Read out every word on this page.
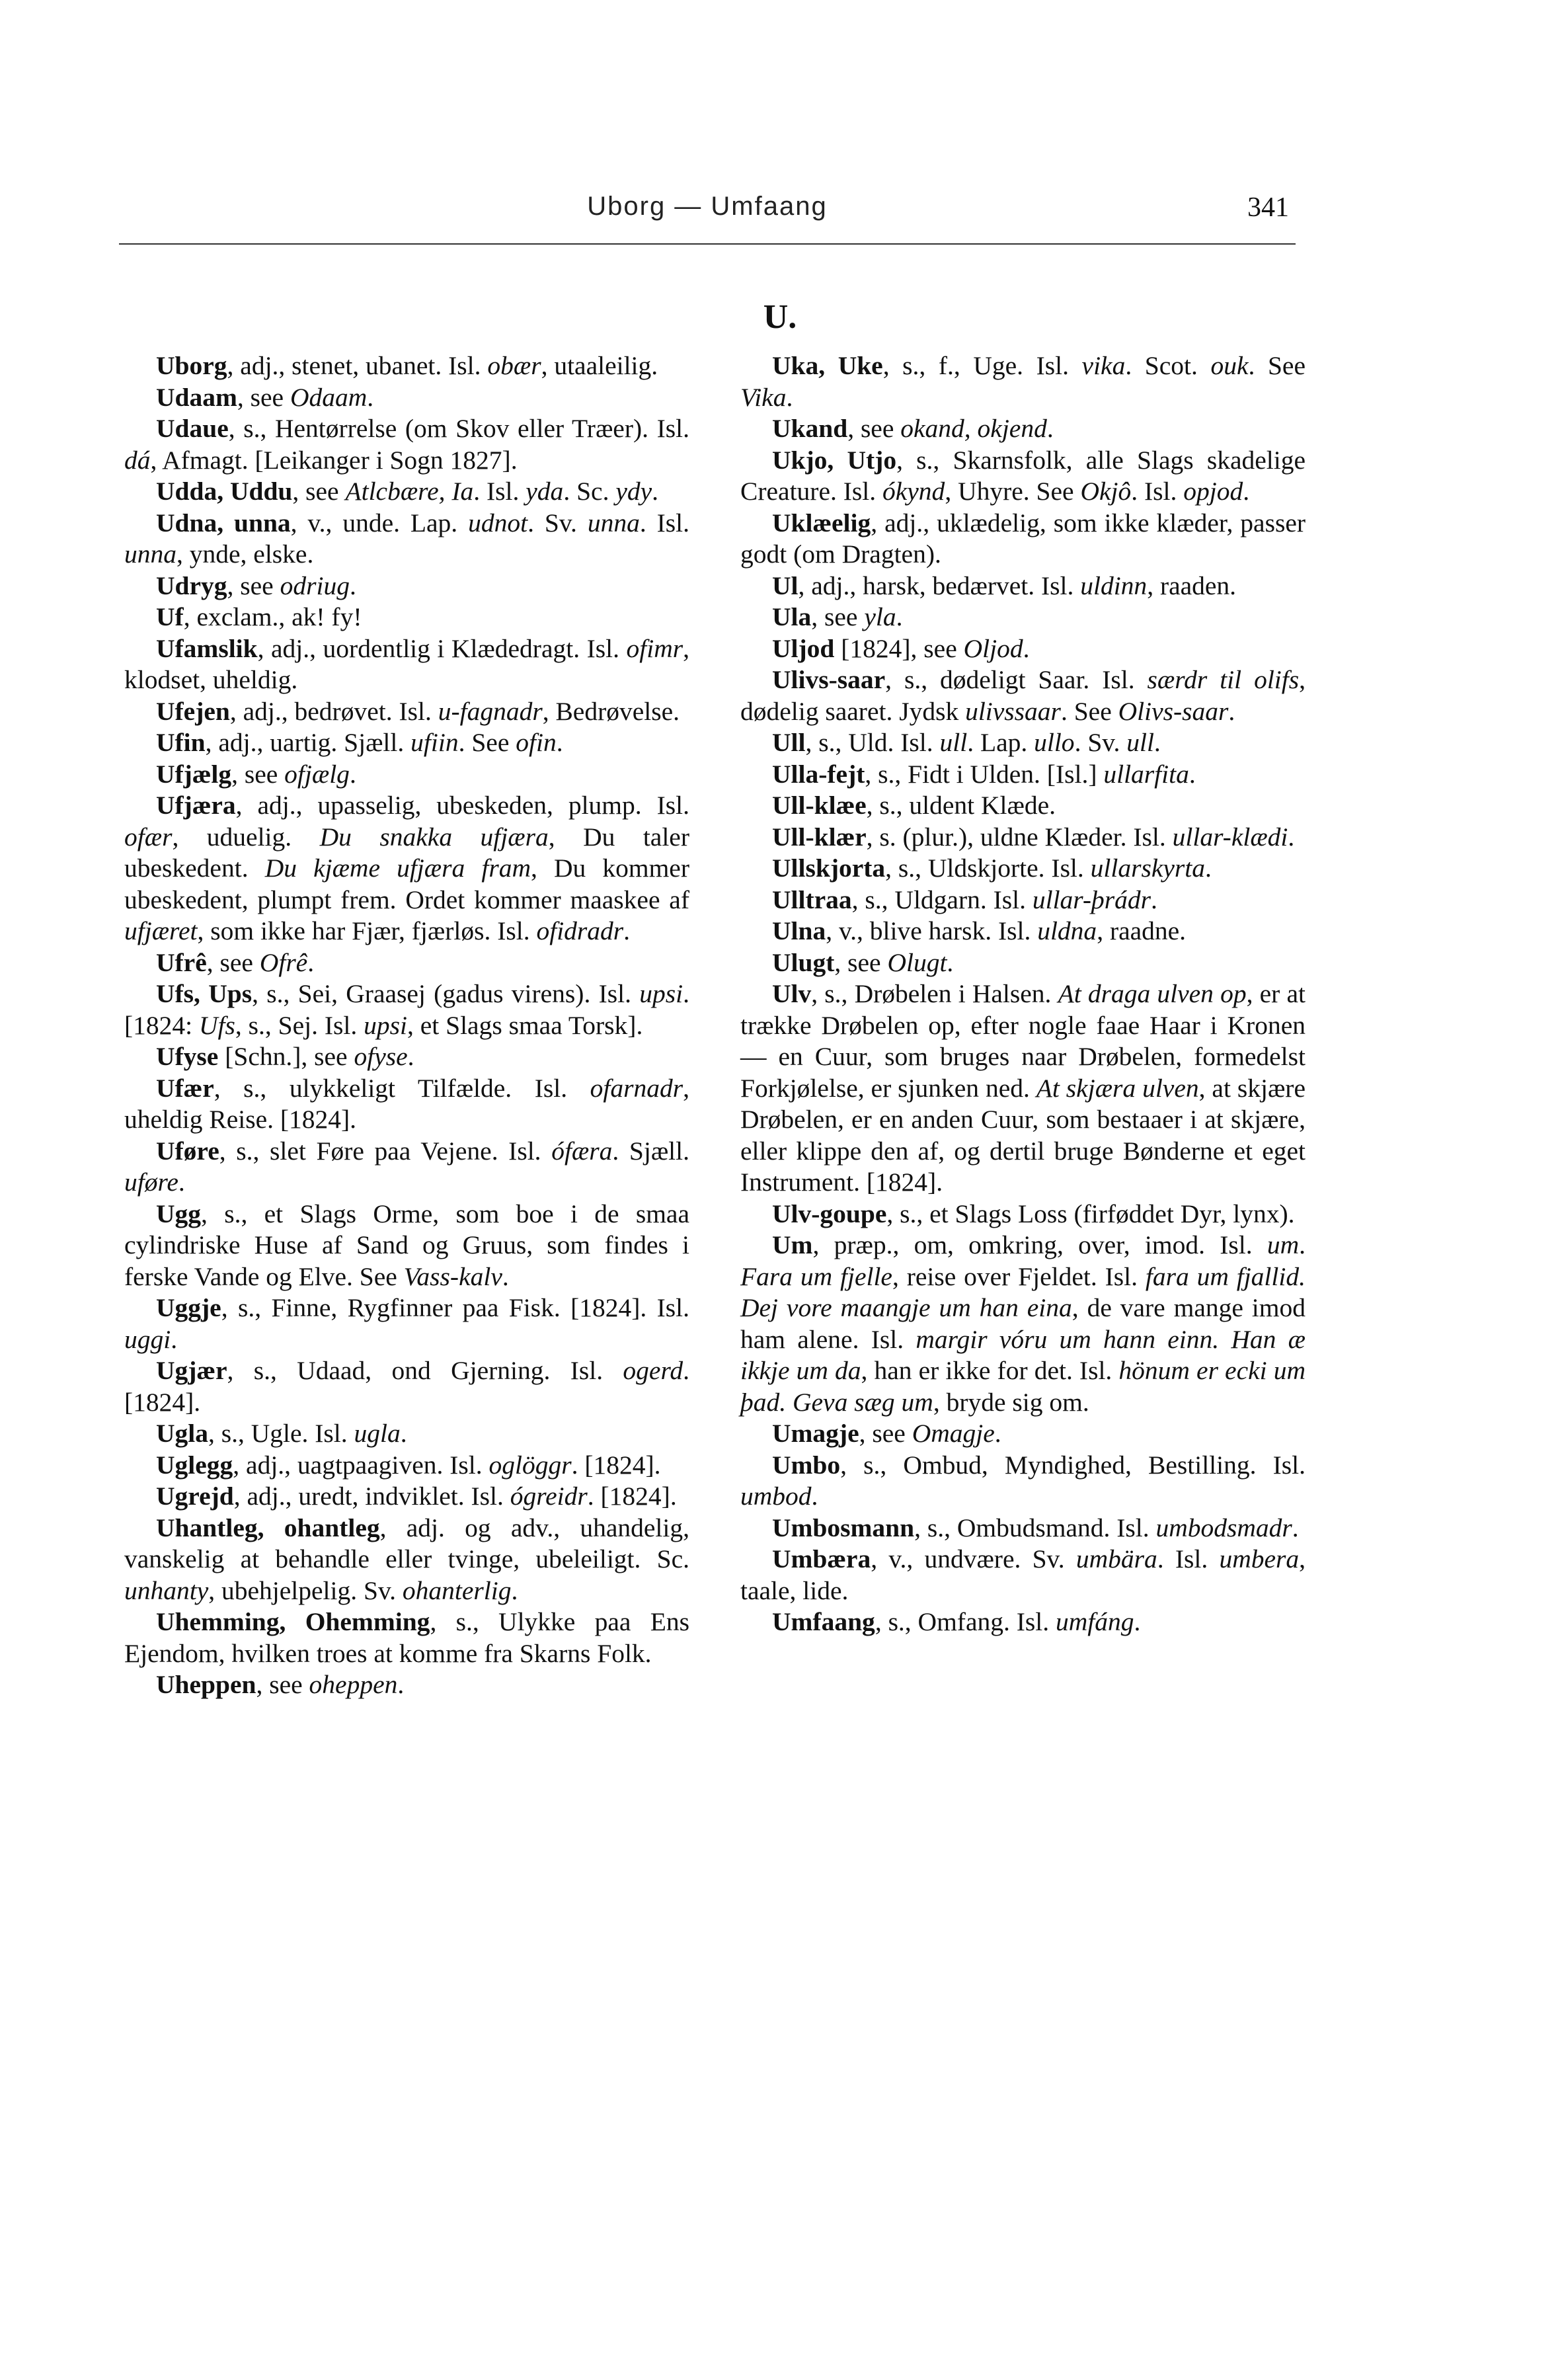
Uborg — Umfaang	341
U.

Uborg, adj., stenet, ubanet. Isl. obær, utaaleilig.

Udaam, see Odaam.

Udaue, s., Hentørrelse (om Skov eller Træer). Isl. dá, Afmagt. [Leikanger i Sogn 1827].

Udda, Uddu, see Atlcbære, Ia. Isl. yda. Sc. ydy.

Udna, unna, v., unde. Lap. udnot. Sv. unna. Isl. unna, ynde, elske.

Udryg, see odriug.

Uf, exclam., ak! fy!

Ufamslik, adj., uordentlig i Klædedragt. Isl. ofimr, klodset, uheldig.

Ufejen, adj., bedrøvet. Isl. u-fagnadr, Bedrøvelse.

Ufin, adj., uartig. Sjæll. ufiin. See ofin.

Ufjælg, see ofjælg.

Ufjæra, adj., upasselig, ubeskeden, plump. Isl. ofær, uduelig. Du snakka ufjæra, Du taler ubeskedent. Du kjæme ufjæra fram, Du kommer ubeskedent, plumpt frem. Ordet kommer maaskee af ufjæret, som ikke har Fjær, fjærløs. Isl. ofidradr.

Ufrê, see Ofrê.

Ufs, Ups, s., Sei, Graasej (gadus virens). Isl. upsi. [1824: Ufs, s., Sej. Isl. upsi, et Slags smaa Torsk].

Ufyse [Schn.], see ofyse.

Ufær, s., ulykkeligt Tilfælde. Isl. ofarnadr, uheldig Reise. [1824].

Uføre, s., slet Føre paa Vejene. Isl. ófæra. Sjæll. uføre.

Ugg, s., et Slags Orme, som boe i de smaa cylindriske Huse af Sand og Gruus, som findes i ferske Vande og Elve. See Vass-kalv.

Uggje, s., Finne, Rygfinner paa Fisk. [1824]. Isl. uggi.

Ugjær, s., Udaad, ond Gjerning. Isl. ogerd. [1824].

Ugla, s., Ugle. Isl. ugla.

Uglegg, adj., uagtpaagiven. Isl. oglöggr. [1824].

Ugrejd, adj., uredt, indviklet. Isl. ógreidr. [1824].

Uhantleg, ohantleg, adj. og adv., uhandelig, vanskelig at behandle eller tvinge, ubeleiligt. Sc. unhanty, ubehjelpelig. Sv. ohanterlig.

Uhemming, Ohemming, s., Ulykke paa Ens Ejendom, hvilken troes at komme fra Skarns Folk.

Uheppen, see oheppen.

Uka, Uke, s., f., Uge. Isl. vika. Scot. ouk. See Vika.

Ukand, see okand, okjend.

Ukjo, Utjo, s., Skarnsfolk, alle Slags skadelige Creature. Isl. ókynd, Uhyre. See Okjô. Isl. opjod.

Uklæelig, adj., uklædelig, som ikke klæder, passer godt (om Dragten).

Ul, adj., harsk, bedærvet. Isl. uldinn, raaden.

Ula, see yla.

Uljod [1824], see Oljod.

Ulivs-saar, s., dødeligt Saar. Isl. særdr til olifs, dødelig saaret. Jydsk ulivssaar. See Olivs-saar.

Ull, s., Uld. Isl. ull. Lap. ullo. Sv. ull.

Ulla-fejt, s., Fidt i Ulden. [Isl.] ullarfita.

Ull-klæe, s., uldent Klæde.

Ull-klær, s. (plur.), uldne Klæder. Isl. ullar-klædi.

Ullskjorta, s., Uldskjorte. Isl. ullarskyrta.

Ulltraa, s., Uldgarn. Isl. ullar-þrádr.

Ulna, v., blive harsk. Isl. uldna, raadne.

Ulugt, see Olugt.

Ulv, s., Drøbelen i Halsen. At draga ulven op, er at trække Drøbelen op, efter nogle faae Haar i Kronen — en Cuur, som bruges naar Drøbelen, formedelst Forkjølelse, er sjunken ned. At skjæra ulven, at skjære Drøbelen, er en anden Cuur, som bestaaer i at skjære, eller klippe den af, og dertil bruge Bønderne et eget Instrument. [1824].

Ulv-goupe, s., et Slags Loss (firføddet Dyr, lynx).

Um, præp., om, omkring, over, imod. Isl. um. Fara um fjelle, reise over Fjeldet. Isl. fara um fjallid. Dej vore maangje um han eina, de vare mange imod ham alene. Isl. margir vóru um hann einn. Han æ ikkje um da, han er ikke for det. Isl. hönum er ecki um þad. Geva sæg um, bryde sig om.

Umagje, see Omagje.

Umbo, s., Ombud, Myndighed, Bestilling. Isl. umbod.

Umbosmann, s., Ombudsmand. Isl. umbodsmadr.

Umbæra, v., undvære. Sv. umbära. Isl. umbera, taale, lide.

Umfaang, s., Omfang. Isl. umfáng.
